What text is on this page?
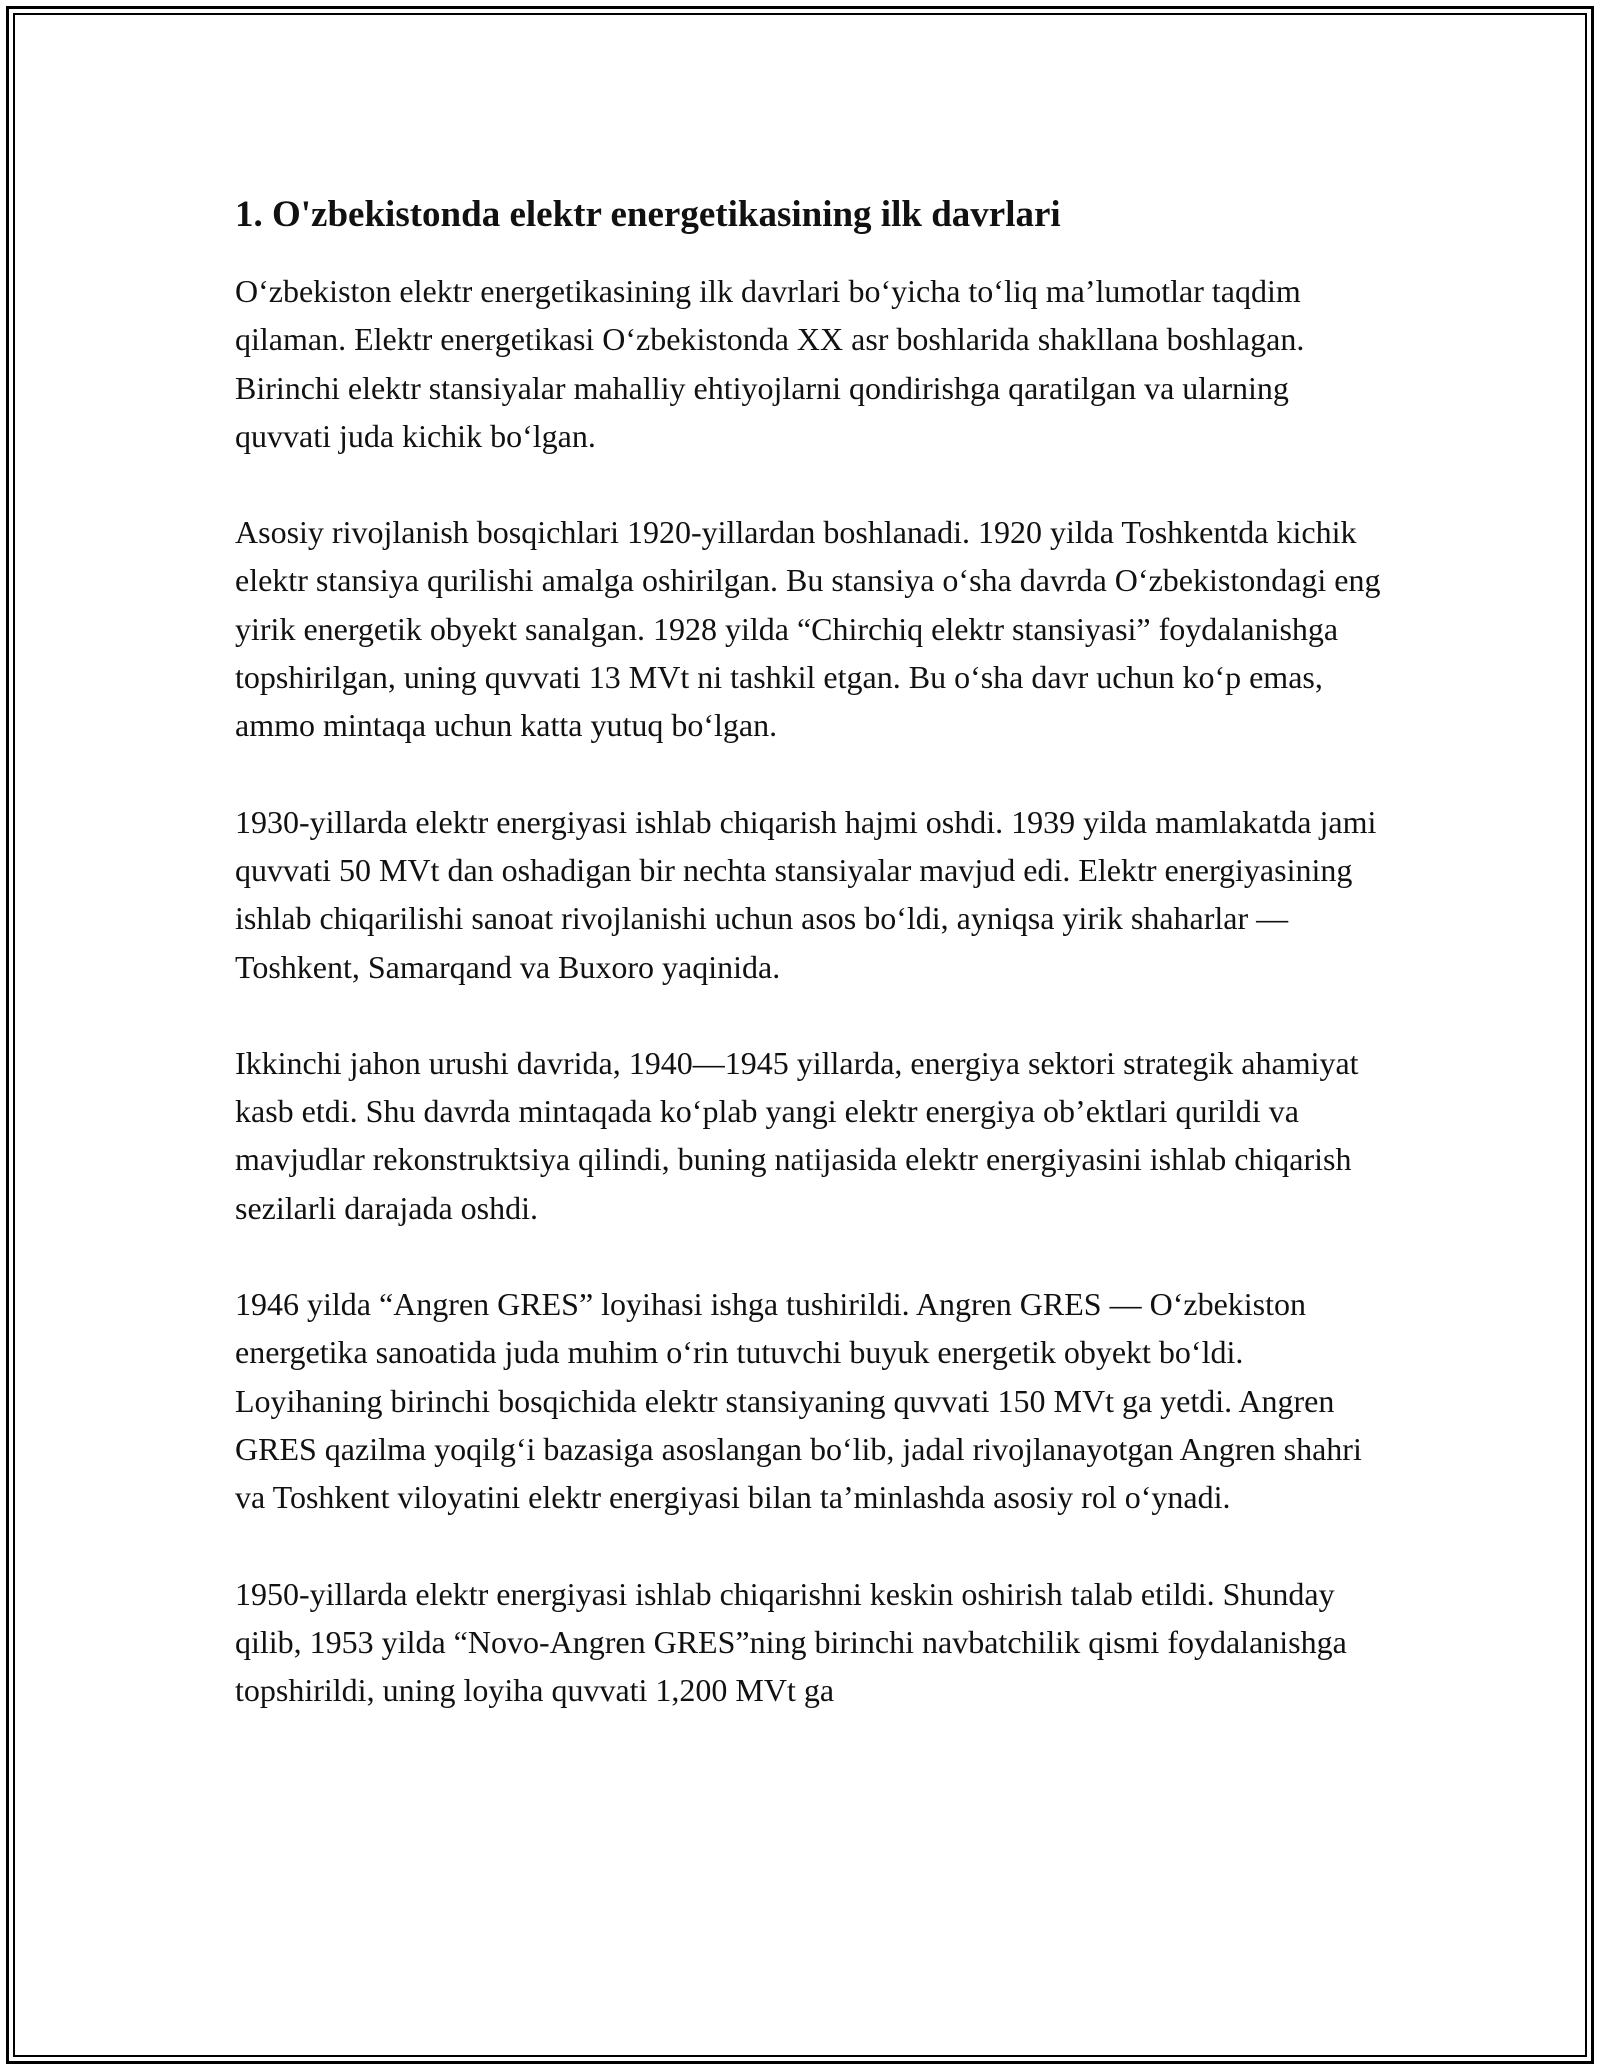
1. O'zbekistonda elektr energetikasining ilk davrlari

O‘zbekiston elektr energetikasining ilk davrlari bo‘yicha to‘liq ma’lumotlar taqdim qilaman. Elektr energetikasi O‘zbekistonda XX asr boshlarida shakllana boshlagan. Birinchi elektr stansiyalar mahalliy ehtiyojlarni qondirishga qaratilgan va ularning quvvati juda kichik bo‘lgan.

Asosiy rivojlanish bosqichlari 1920-yillardan boshlanadi. 1920 yilda Toshkentda kichik elektr stansiya qurilishi amalga oshirilgan. Bu stansiya o‘sha davrda O‘zbekistondagi eng yirik energetik obyekt sanalgan. 1928 yilda “Chirchiq elektr stansiyasi” foydalanishga topshirilgan, uning quvvati 13 MVt ni tashkil etgan. Bu o‘sha davr uchun ko‘p emas, ammo mintaqa uchun katta yutuq bo‘lgan.

1930-yillarda elektr energiyasi ishlab chiqarish hajmi oshdi. 1939 yilda mamlakatda jami quvvati 50 MVt dan oshadigan bir nechta stansiyalar mavjud edi. Elektr energiyasining ishlab chiqarilishi sanoat rivojlanishi uchun asos bo‘ldi, ayniqsa yirik shaharlar — Toshkent, Samarqand va Buxoro yaqinida.

Ikkinchi jahon urushi davrida, 1940—1945 yillarda, energiya sektori strategik ahamiyat kasb etdi. Shu davrda mintaqada ko‘plab yangi elektr energiya ob’ektlari qurildi va mavjudlar rekonstruktsiya qilindi, buning natijasida elektr energiyasini ishlab chiqarish sezilarli darajada oshdi.

1946 yilda “Angren GRES” loyihasi ishga tushirildi. Angren GRES — O‘zbekiston energetika sanoatida juda muhim o‘rin tutuvchi buyuk energetik obyekt bo‘ldi. Loyihaning birinchi bosqichida elektr stansiyaning quvvati 150 MVt ga yetdi. Angren GRES qazilma yoqilg‘i bazasiga asoslangan bo‘lib, jadal rivojlanayotgan Angren shahri va Toshkent viloyatini elektr energiyasi bilan ta’minlashda asosiy rol o‘ynadi.

1950-yillarda elektr energiyasi ishlab chiqarishni keskin oshirish talab etildi. Shunday qilib, 1953 yilda “Novo-Angren GRES”ning birinchi navbatchilik qismi foydalanishga topshirildi, uning loyiha quvvati 1,200 MVt ga
